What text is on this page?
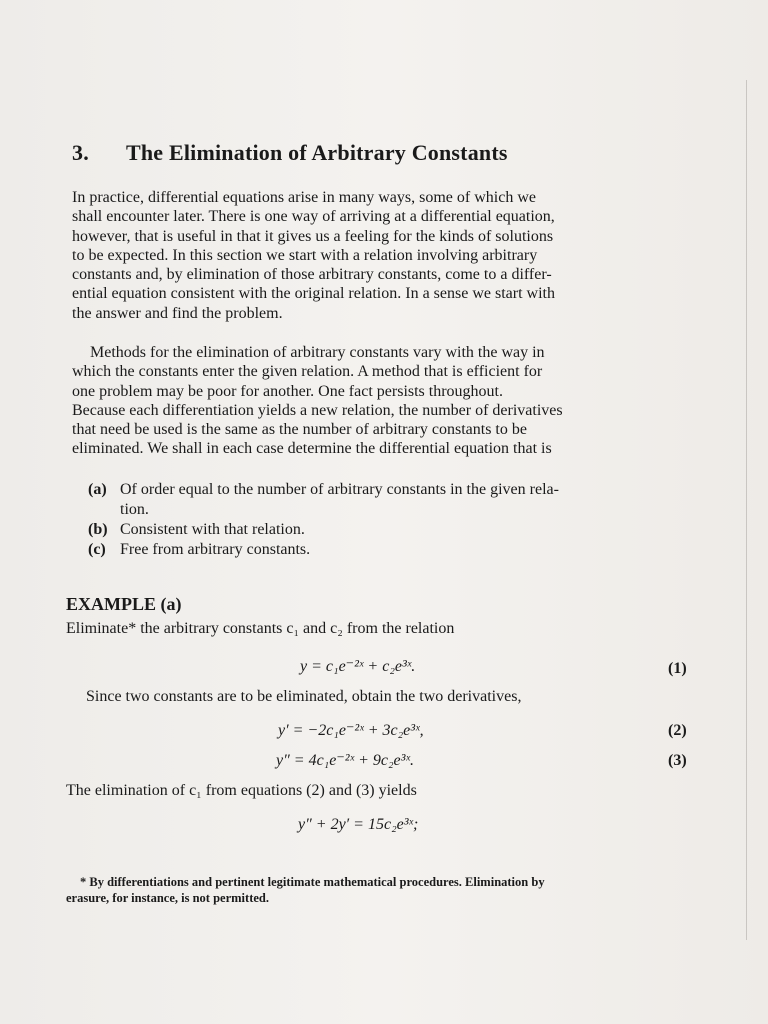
3. The Elimination of Arbitrary Constants
In practice, differential equations arise in many ways, some of which we
shall encounter later. There is one way of arriving at a differential equation,
however, that is useful in that it gives us a feeling for the kinds of solutions
to be expected. In this section we start with a relation involving arbitrary
constants and, by elimination of those arbitrary constants, come to a differ-
ential equation consistent with the original relation. In a sense we start with
the answer and find the problem.
Methods for the elimination of arbitrary constants vary with the way in
which the constants enter the given relation. A method that is efficient for
one problem may be poor for another. One fact persists throughout.
Because each differentiation yields a new relation, the number of derivatives
that need be used is the same as the number of arbitrary constants to be
eliminated. We shall in each case determine the differential equation that is
(a) Of order equal to the number of arbitrary constants in the given rela-
tion.
(b) Consistent with that relation.
(c) Free from arbitrary constants.
EXAMPLE (a)
Eliminate* the arbitrary constants c₁ and c₂ from the relation
y = c₁e⁻²ˣ + c₂e³ˣ.	(1)
Since two constants are to be eliminated, obtain the two derivatives,
y′ = −2c₁e⁻²ˣ + 3c₂e³ˣ,	(2)
y″ = 4c₁e⁻²ˣ + 9c₂e³ˣ.	(3)
The elimination of c₁ from equations (2) and (3) yields
y″ + 2y′ = 15c₂e³ˣ;
* By differentiations and pertinent legitimate mathematical procedures. Elimination by
erasure, for instance, is not permitted.
